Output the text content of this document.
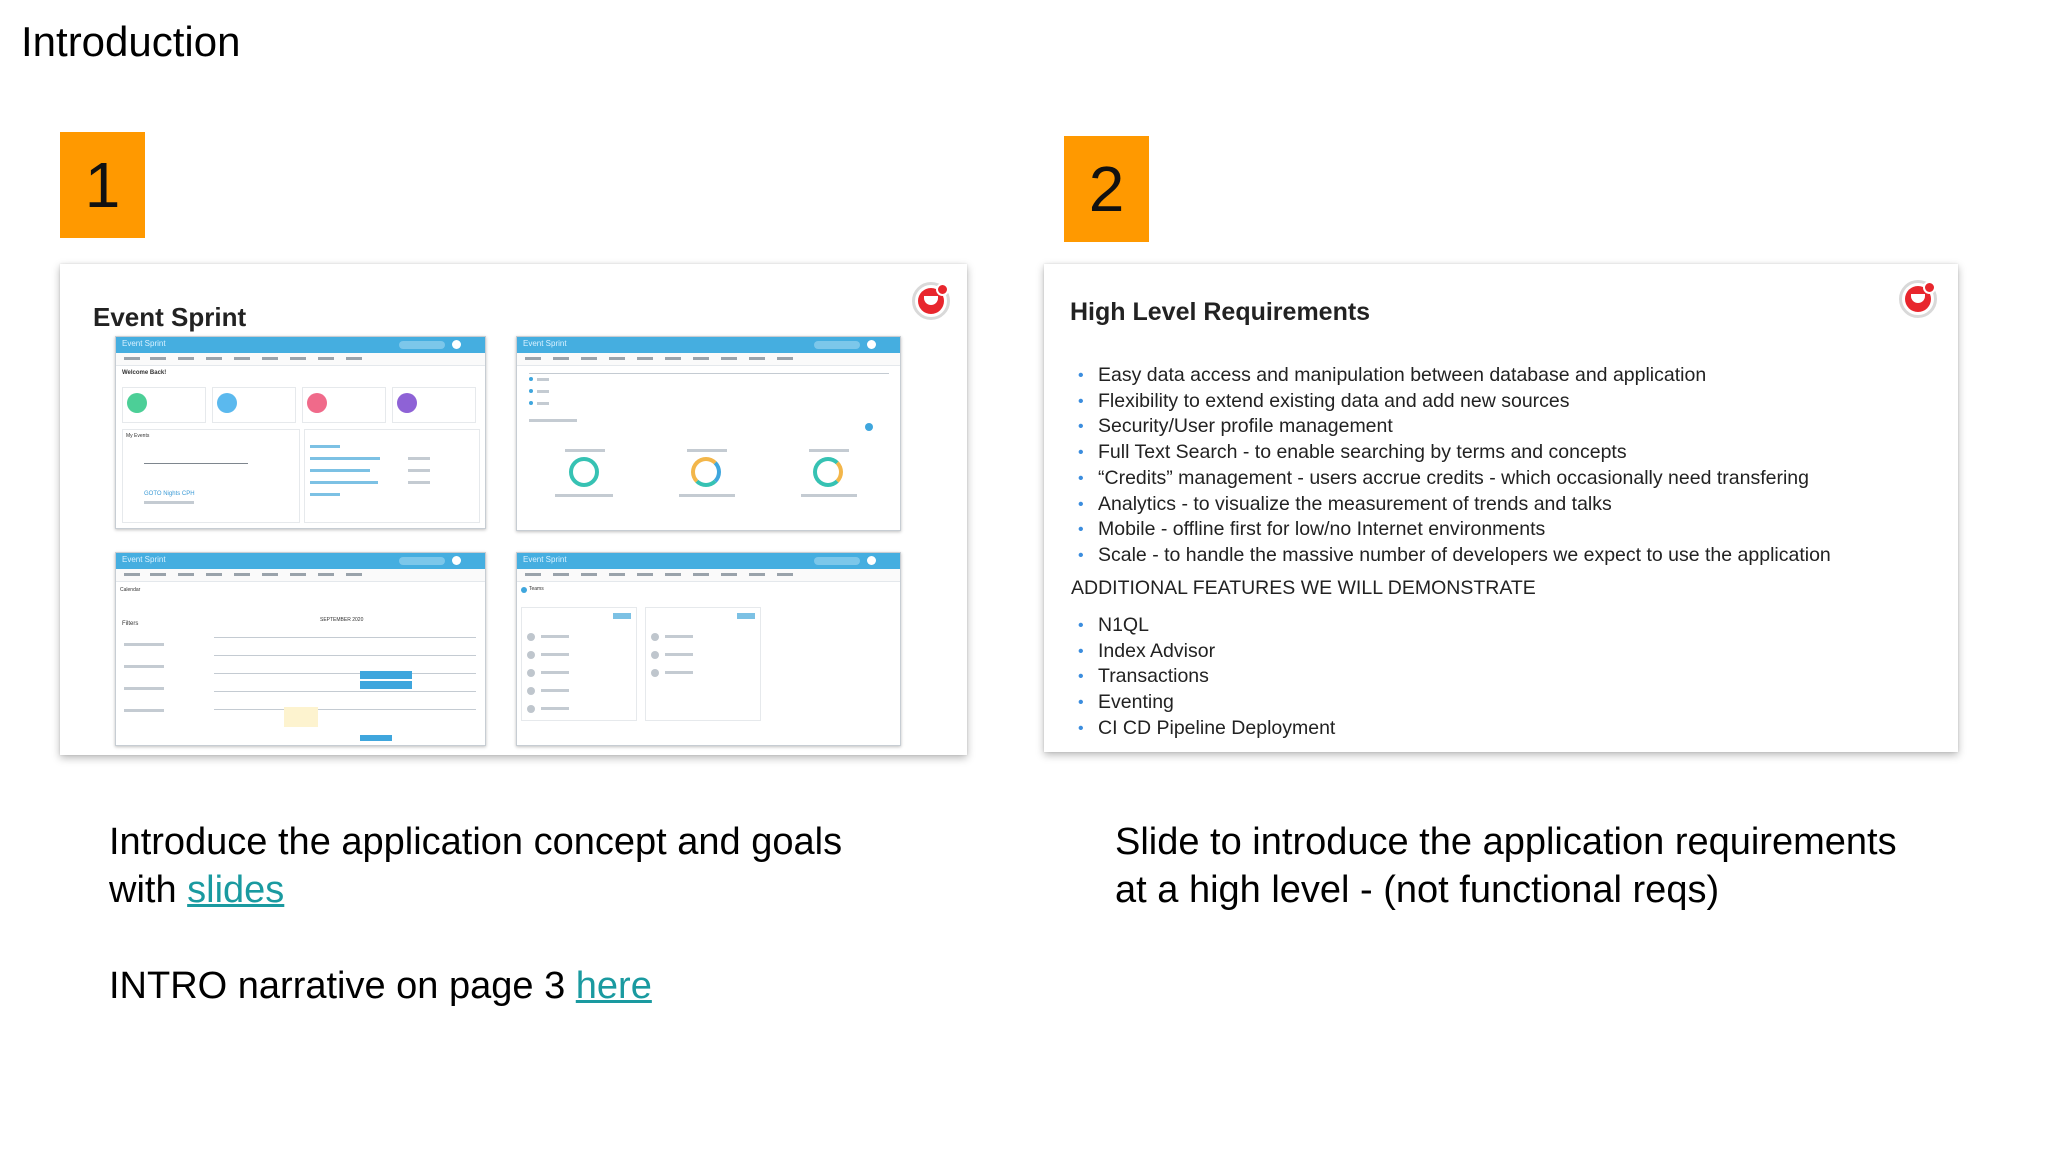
Introduction
1
Event Sprint
Event Sprint
Welcome Back!
My Events
GOTO Nights CPH
Event Sprint
Event Sprint
Calendar
Filters
SEPTEMBER 2020
Event Sprint
Teams
Introduce the application concept and goals
with slides
INTRO narrative on page 3 here
2
High Level Requirements
• Easy data access and manipulation between database and application
• Flexibility to extend existing data and add new sources
• Security/User profile management
• Full Text Search - to enable searching by terms and concepts
• “Credits” management - users accrue credits - which occasionally need transfering
• Analytics - to visualize the measurement of trends and talks
• Mobile - offline first for low/no Internet environments
• Scale - to handle the massive number of developers we expect to use the application
ADDITIONAL FEATURES WE WILL DEMONSTRATE
• N1QL
• Index Advisor
• Transactions
• Eventing
• CI CD Pipeline Deployment
Slide to introduce the application requirements
at a high level - (not functional reqs)
